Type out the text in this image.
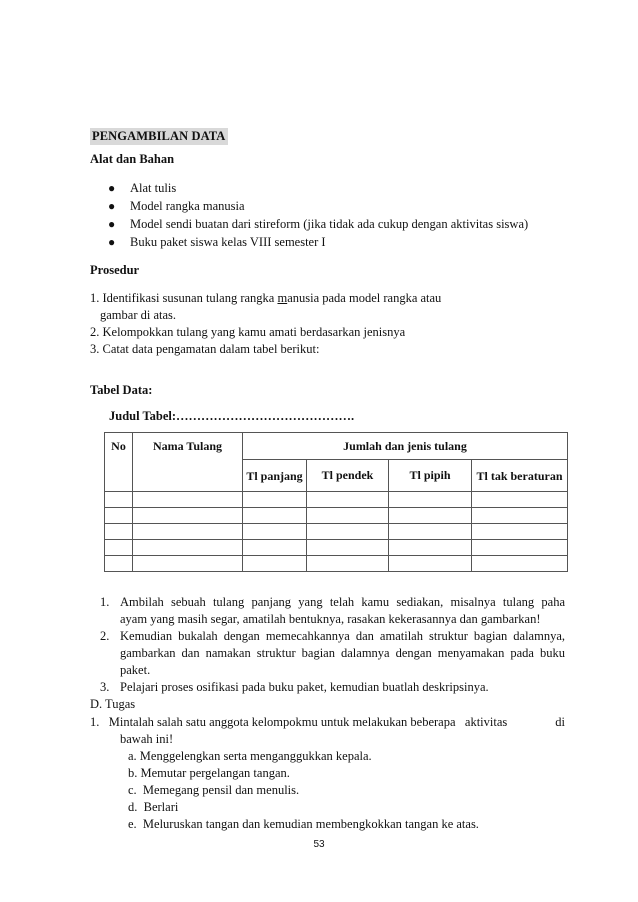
PENGAMBILAN DATA
Alat dan Bahan
●	Alat tulis
●	Model rangka manusia
●	Model sendi buatan dari stireform (jika tidak ada cukup dengan aktivitas siswa)
●	Buku paket siswa kelas VIII semester I
Prosedur
1. Identifikasi susunan tulang rangka manusia pada model rangka atau
gambar di atas.
2. Kelompokkan tulang yang kamu amati berdasarkan jenisnya
3. Catat data pengamatan dalam tabel berikut:
Tabel Data:
Judul Tabel:…………………………………….
No	Nama Tulang	Jumlah dan jenis tulang			
		Tl panjang	Tl pendek	Tl pipih	Tl tak beraturan

1. Ambilah sebuah tulang panjang yang telah kamu sediakan, misalnya tulang paha
ayam yang masih segar, amatilah bentuknya, rasakan kekerasannya dan gambarkan!
2. Kemudian bukalah dengan memecahkannya dan amatilah struktur bagian dalamnya,
gambarkan dan namakan struktur bagian dalamnya dengan menyamakan pada buku
paket.
3. Pelajari proses osifikasi pada buku paket, kemudian buatlah deskripsinya.
D. Tugas
1.   Mintalah salah satu anggota kelompokmu untuk melakukan beberapa   aktivitas	di
bawah ini!
a. Menggelengkan serta menganggukkan kepala.
b. Memutar pergelangan tangan.
c.  Memegang pensil dan menulis.
d.  Berlari
e.  Meluruskan tangan dan kemudian membengkokkan tangan ke atas.
53
